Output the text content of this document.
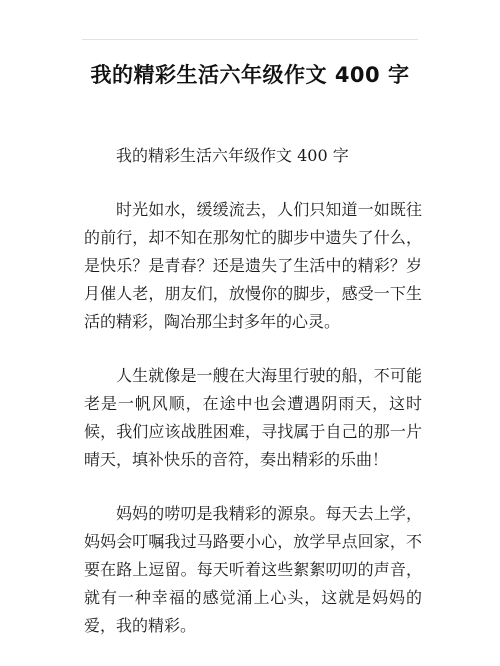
我的精彩生活六年级作文 400 字

我的精彩生活六年级作文 400 字

时光如水，缓缓流去，人们只知道一如既往的前行，却不知在那匆忙的脚步中遗失了什么，是快乐？是青春？还是遗失了生活中的精彩？岁月催人老，朋友们，放慢你的脚步，感受一下生活的精彩，陶冶那尘封多年的心灵。

人生就像是一艘在大海里行驶的船，不可能老是一帆风顺，在途中也会遭遇阴雨天，这时候，我们应该战胜困难，寻找属于自己的那一片晴天，填补快乐的音符，奏出精彩的乐曲！

妈妈的唠叨是我精彩的源泉。每天去上学，妈妈会叮嘱我过马路要小心，放学早点回家，不要在路上逗留。每天听着这些絮絮叨叨的声音，就有一种幸福的感觉涌上心头，这就是妈妈的爱，我的精彩。
